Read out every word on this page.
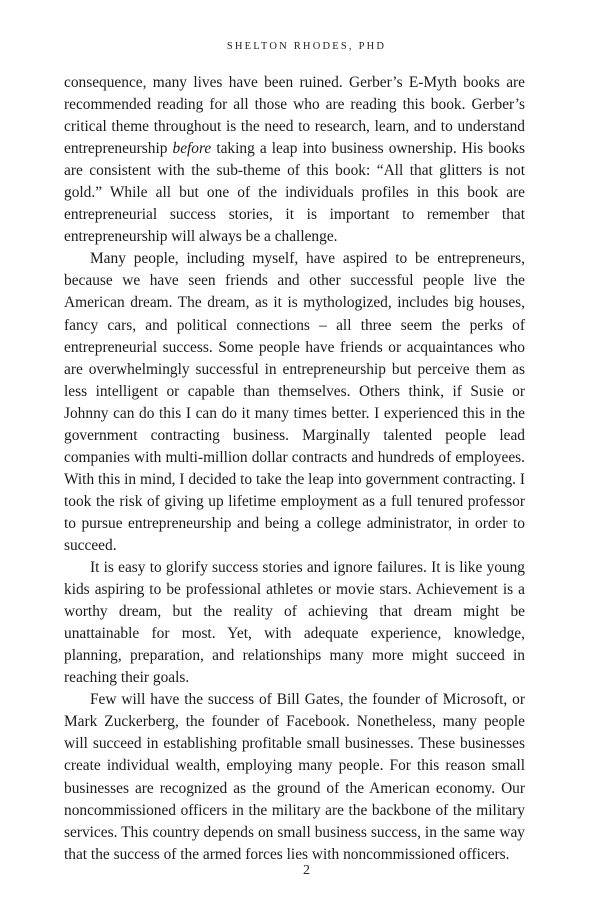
SHELTON RHODES, PHD

consequence, many lives have been ruined. Gerber’s E-Myth books are recommended reading for all those who are reading this book. Gerber’s critical theme throughout is the need to research, learn, and to understand entrepreneurship before taking a leap into business ownership. His books are consistent with the sub-theme of this book: “All that glitters is not gold.” While all but one of the individuals profiles in this book are entrepreneurial success stories, it is important to remember that entrepreneurship will always be a challenge.

Many people, including myself, have aspired to be entrepreneurs, because we have seen friends and other successful people live the American dream. The dream, as it is mythologized, includes big houses, fancy cars, and political connections – all three seem the perks of entrepreneurial success. Some people have friends or acquaintances who are overwhelmingly successful in entrepreneurship but perceive them as less intelligent or capable than themselves. Others think, if Susie or Johnny can do this I can do it many times better. I experienced this in the government contracting business. Marginally talented people lead companies with multi-million dollar contracts and hundreds of employees. With this in mind, I decided to take the leap into government contracting. I took the risk of giving up lifetime employment as a full tenured professor to pursue entrepreneurship and being a college administrator, in order to succeed.

It is easy to glorify success stories and ignore failures. It is like young kids aspiring to be professional athletes or movie stars. Achievement is a worthy dream, but the reality of achieving that dream might be unattainable for most. Yet, with adequate experience, knowledge, planning, preparation, and relationships many more might succeed in reaching their goals.

Few will have the success of Bill Gates, the founder of Microsoft, or Mark Zuckerberg, the founder of Facebook. Nonetheless, many people will succeed in establishing profitable small businesses. These businesses create individual wealth, employing many people. For this reason small businesses are recognized as the ground of the American economy. Our noncommissioned officers in the military are the backbone of the military services. This country depends on small business success, in the same way that the success of the armed forces lies with noncommissioned officers.

2
